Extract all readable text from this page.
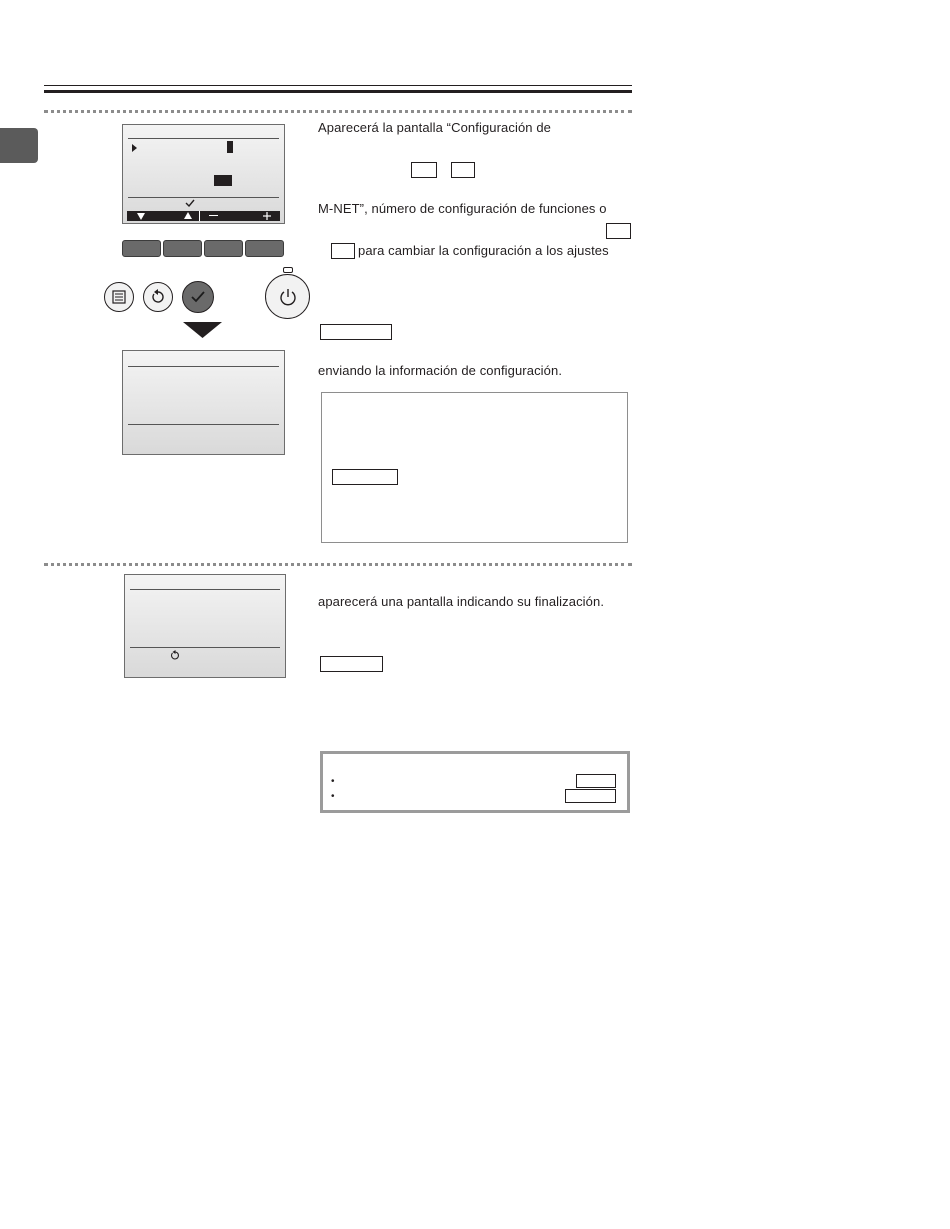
Aparecerá la pantalla “Configuración de
M-NET”, número de configuración de funciones o
para cambiar la configuración a los ajustes
enviando la información de configuración.
aparecerá una pantalla indicando su finalización.
•
•
